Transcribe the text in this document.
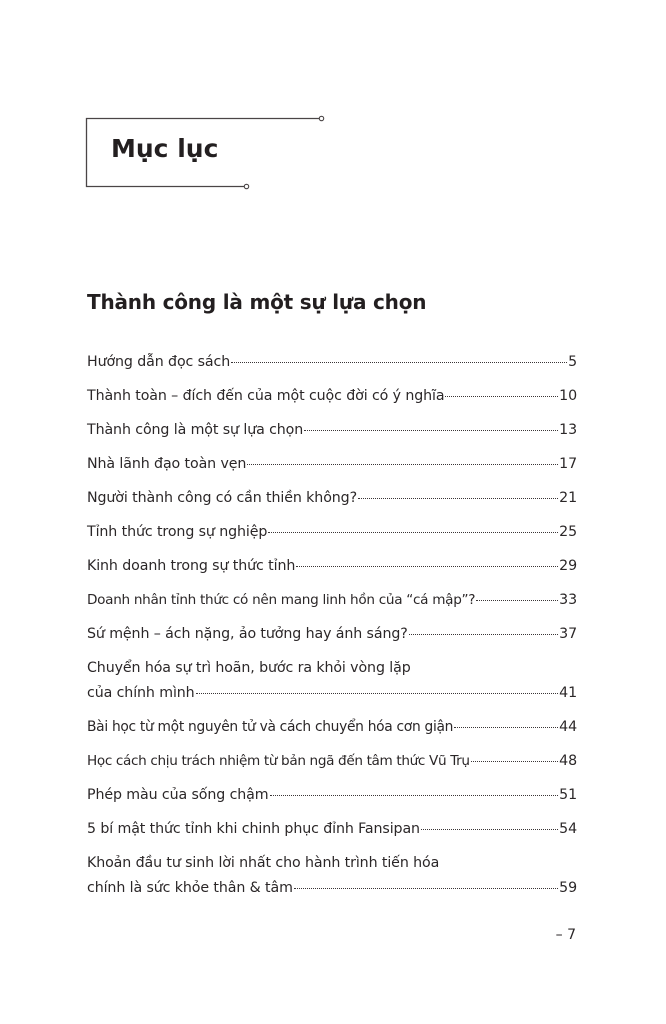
Mục lục
Thành công là một sự lựa chọn
Hướng dẫn đọc sách	5
Thành toàn – đích đến của một cuộc đời có ý nghĩa	10
Thành công là một sự lựa chọn	13
Nhà lãnh đạo toàn vẹn	17
Người thành công có cần thiền không?	21
Tỉnh thức trong sự nghiệp	25
Kinh doanh trong sự thức tỉnh	29
Doanh nhân tỉnh thức có nên mang linh hồn của “cá mập”?	33
Sứ mệnh – ách nặng, ảo tưởng hay ánh sáng?	37
Chuyển hóa sự trì hoãn, bước ra khỏi vòng lặp
của chính mình	41
Bài học từ một nguyên tử và cách chuyển hóa cơn giận	44
Học cách chịu trách nhiệm từ bản ngã đến tâm thức Vũ Trụ	48
Phép màu của sống chậm	51
5 bí mật thức tỉnh khi chinh phục đỉnh Fansipan	54
Khoản đầu tư sinh lời nhất cho hành trình tiến hóa
chính là sức khỏe thân & tâm	59
– 7
